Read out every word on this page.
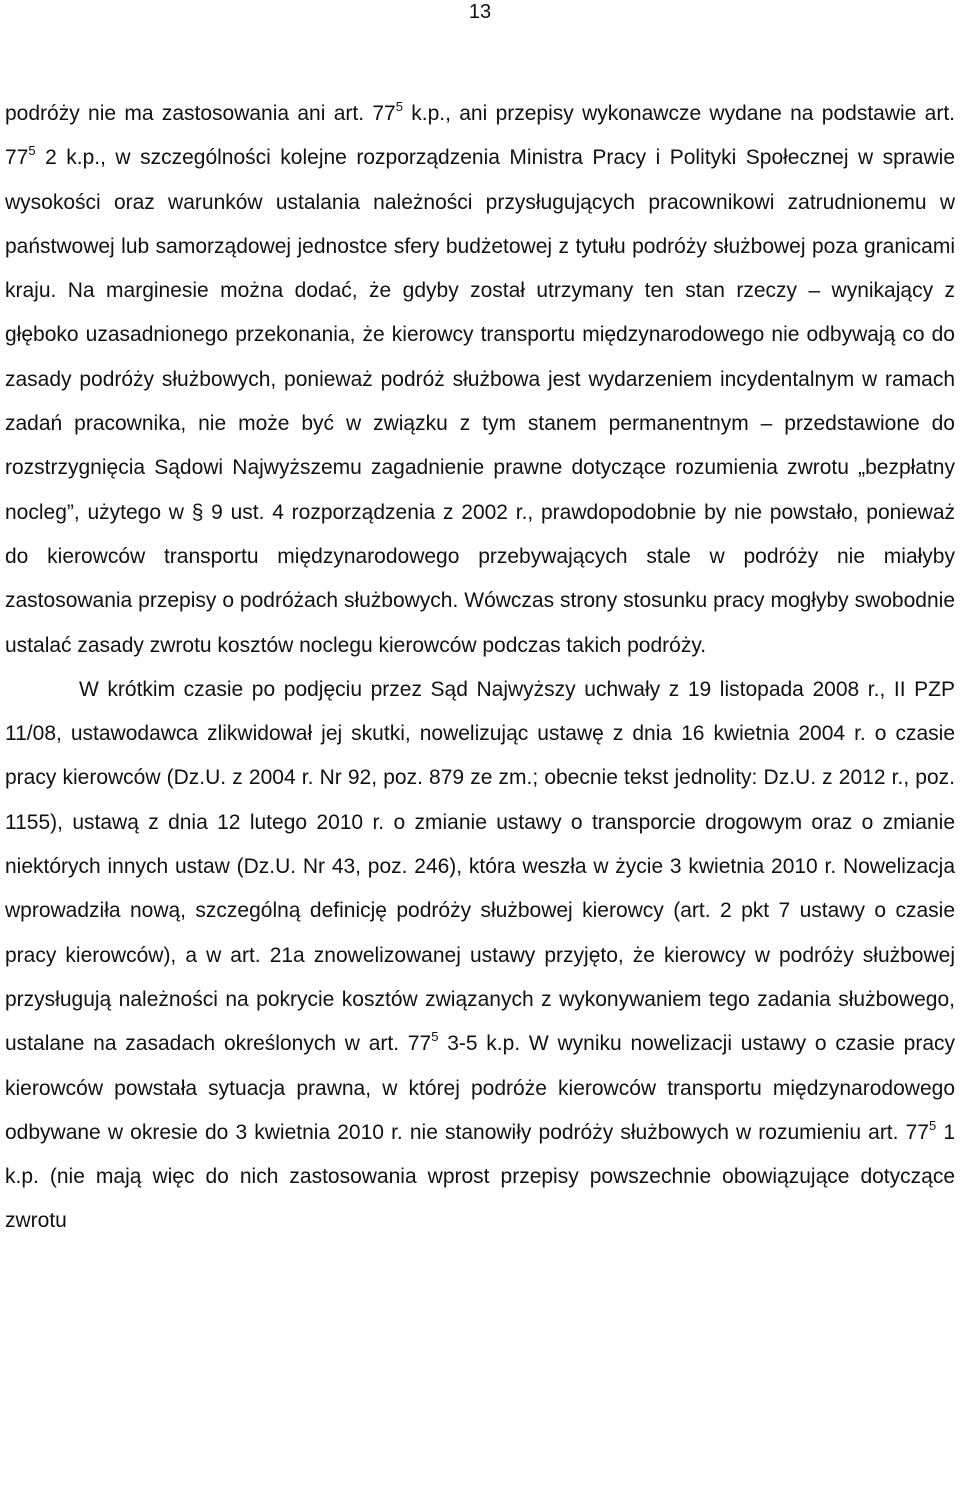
13

podróży nie ma zastosowania ani art. $77^5$ k.p., ani przepisy wykonawcze wydane na podstawie art. $77^5$ 2 k.p., w szczególności kolejne rozporządzenia Ministra Pracy i Polityki Społecznej w sprawie wysokości oraz warunków ustalania należności przysługujących pracownikowi zatrudnionemu w państwowej lub samorządowej jednostce sfery budżetowej z tytułu podróży służbowej poza granicami kraju. Na marginesie można dodać, że gdyby został utrzymany ten stan rzeczy – wynikający z głęboko uzasadnionego przekonania, że kierowcy transportu międzynarodowego nie odbywają co do zasady podróży służbowych, ponieważ podróż służbowa jest wydarzeniem incydentalnym w ramach zadań pracownika, nie może być w związku z tym stanem permanentnym – przedstawione do rozstrzygnięcia Sądowi Najwyższemu zagadnienie prawne dotyczące rozumienia zwrotu „bezpłatny nocleg”, użytego w § 9 ust. 4 rozporządzenia z 2002 r., prawdopodobnie by nie powstało, ponieważ do kierowców transportu międzynarodowego przebywających stale w podróży nie miałyby zastosowania przepisy o podróżach służbowych. Wówczas strony stosunku pracy mogłyby swobodnie ustalać zasady zwrotu kosztów noclegu kierowców podczas takich podróży.

W krótkim czasie po podjęciu przez Sąd Najwyższy uchwały z 19 listopada 2008 r., II PZP 11/08, ustawodawca zlikwidował jej skutki, nowelizując ustawę z dnia 16 kwietnia 2004 r. o czasie pracy kierowców (Dz.U. z 2004 r. Nr 92, poz. 879 ze zm.; obecnie tekst jednolity: Dz.U. z 2012 r., poz. 1155), ustawą z dnia 12 lutego 2010 r. o zmianie ustawy o transporcie drogowym oraz o zmianie niektórych innych ustaw (Dz.U. Nr 43, poz. 246), która weszła w życie 3 kwietnia 2010 r. Nowelizacja wprowadziła nową, szczególną definicję podróży służbowej kierowcy (art. 2 pkt 7 ustawy o czasie pracy kierowców), a w art. 21a znowelizowanej ustawy przyjęto, że kierowcy w podróży służbowej przysługują należności na pokrycie kosztów związanych z wykonywaniem tego zadania służbowego, ustalane na zasadach określonych w art. $77^5$ 3-5 k.p. W wyniku nowelizacji ustawy o czasie pracy kierowców powstała sytuacja prawna, w której podróże kierowców transportu międzynarodowego odbywane w okresie do 3 kwietnia 2010 r. nie stanowiły podróży służbowych w rozumieniu art. $77^5$ 1 k.p. (nie mają więc do nich zastosowania wprost przepisy powszechnie obowiązujące dotyczące zwrotu
